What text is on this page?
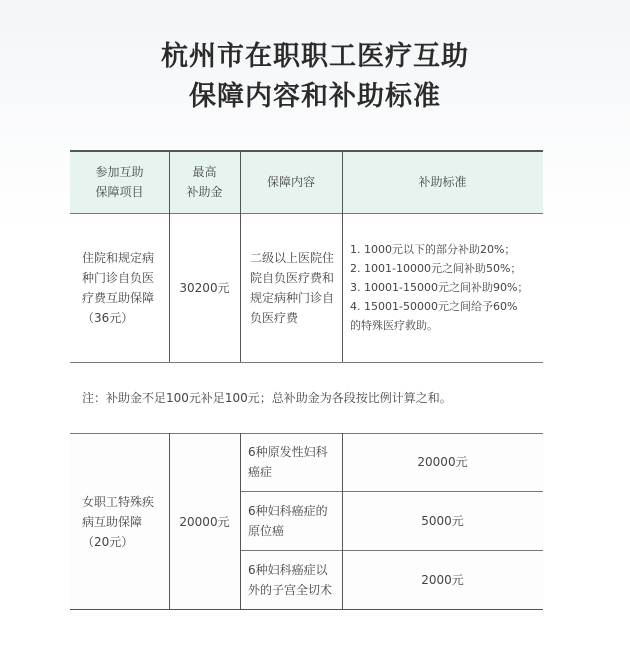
杭州市在职职工医疗互助
保障内容和补助标准
参加互助
保障项目
最高
补助金
保障内容	补助标准
住院和规定病
种门诊自负医
疗费互助保障
（36元）
30200元
二级以上医院住
院自负医疗费和
规定病种门诊自
负医疗费
1. 1000元以下的部分补助20%；
2. 1001-10000元之间补助50%；
3. 10001-15000元之间补助90%；
4. 15001-50000元之间给予60%
的特殊医疗救助。
注：补助金不足100元补足100元；总补助金为各段按比例计算之和。
女职工特殊疾
病互助保障
（20元）
20000元
6种原发性妇科
癌症
20000元
6种妇科癌症的
原位癌
5000元
6种妇科癌症以
外的子宫全切术
2000元
